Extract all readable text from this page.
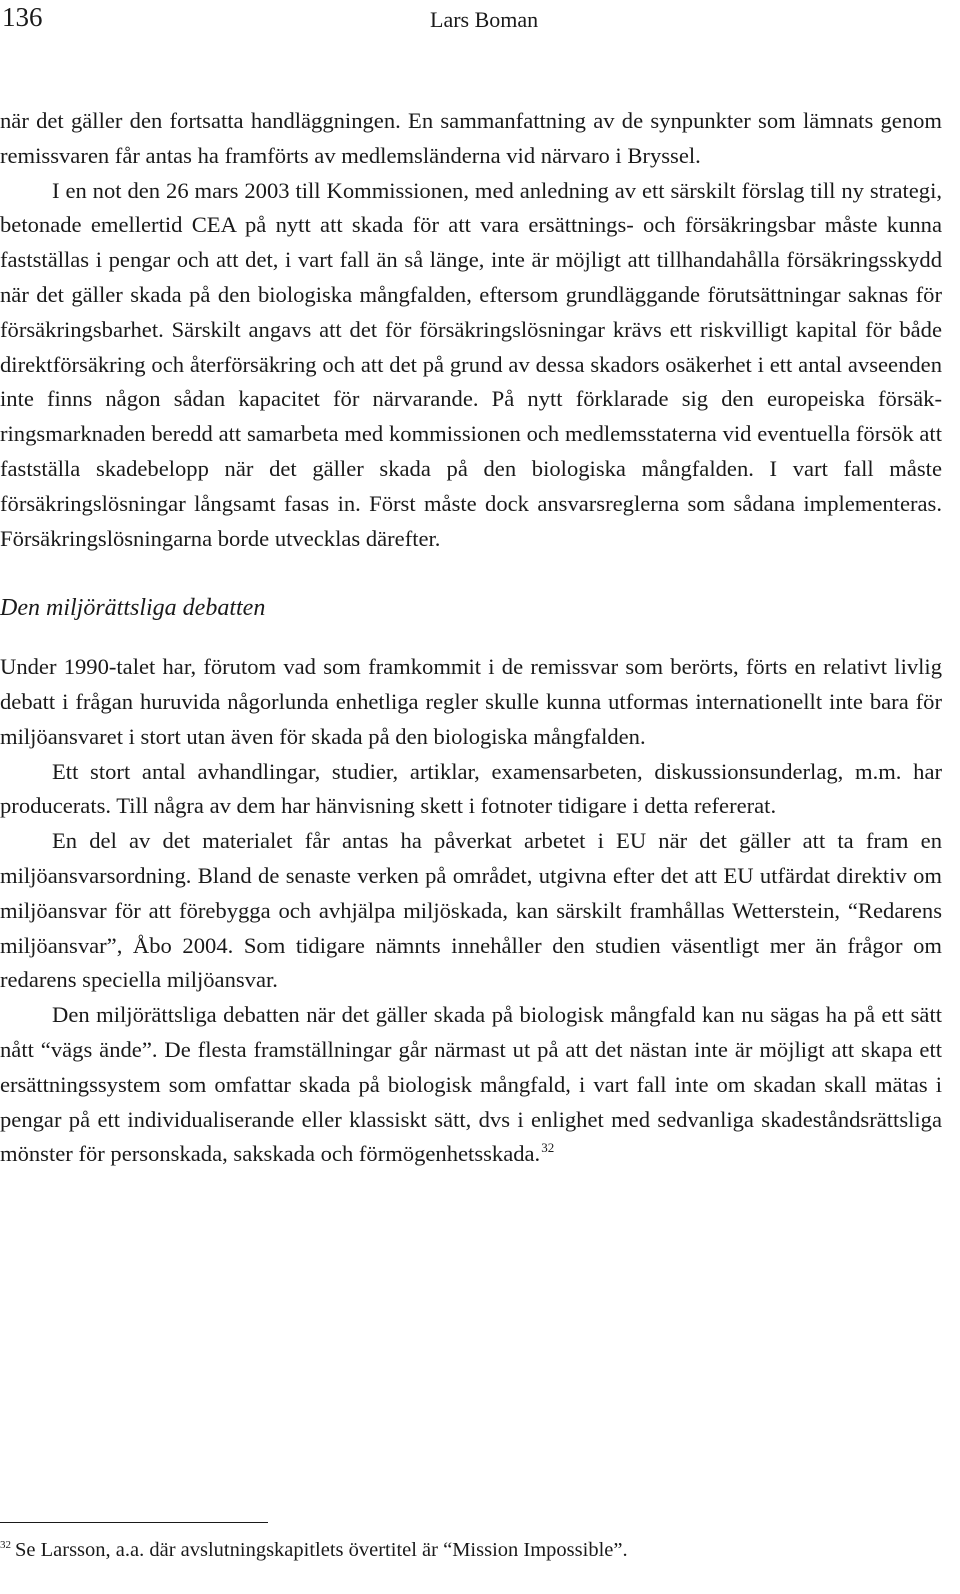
136	Lars Boman

när det gäller den fortsatta handläggningen. En sammanfattning av de synpunkter som lämnats genom remissvaren får antas ha framförts av medlemsländerna vid närvaro i Bryssel.

I en not den 26 mars 2003 till Kommissionen, med anledning av ett särskilt förslag till ny strategi, betonade emellertid CEA på nytt att skada för att vara ersättnings- och försäkringsbar måste kunna fastställas i pengar och att det, i vart fall än så länge, inte är möjligt att tillhandahålla försäkringsskydd när det gäller skada på den biologiska mångfalden, eftersom grundläggande förutsättningar saknas för försäkringsbarhet. Särskilt angavs att det för försäkringslösningar krävs ett riskvilligt kapital för både direktförsäkring och återförsäkring och att det på grund av dessa skadors osäkerhet i ett antal avseenden inte finns någon sådan kapacitet för närvarande. På nytt förklarade sig den europeiska försäkringsmarknaden beredd att samarbeta med kommissionen och medlemsstaterna vid eventuella försök att fastställa skadebelopp när det gäller skada på den biologiska mångfalden. I vart fall måste försäkringslösningar långsamt fasas in. Först måste dock ansvarsreglerna som sådana implementeras. Försäkringslösningarna borde utvecklas därefter.

Den miljörättsliga debatten

Under 1990-talet har, förutom vad som framkommit i de remissvar som berörts, förts en relativt livlig debatt i frågan huruvida någorlunda enhetliga regler skulle kunna utformas internationellt inte bara för miljöansvaret i stort utan även för skada på den biologiska mångfalden.

Ett stort antal avhandlingar, studier, artiklar, examensarbeten, diskussionsunderlag, m.m. har producerats. Till några av dem har hänvisning skett i fotnoter tidigare i detta refererat.

En del av det materialet får antas ha påverkat arbetet i EU när det gäller att ta fram en miljöansvarsordning. Bland de senaste verken på området, utgivna efter det att EU utfärdat direktiv om miljöansvar för att förebygga och avhjälpa miljöskada, kan särskilt framhållas Wetterstein, “Redarens miljöansvar”, Åbo 2004. Som tidigare nämnts innehåller den studien väsentligt mer än frågor om redarens speciella miljöansvar.

Den miljörättsliga debatten när det gäller skada på biologisk mångfald kan nu sägas ha på ett sätt nått “vägs ände”. De flesta framställningar går närmast ut på att det nästan inte är möjligt att skapa ett ersättningssystem som omfattar skada på biologisk mångfald, i vart fall inte om skadan skall mätas i pengar på ett individualiserande eller klassiskt sätt, dvs i enlighet med sedvanliga skadeståndsrättsliga mönster för personskada, sakskada och förmögenhetsskada.$^{32}$

$^{32}$ Se Larsson, a.a. där avslutningskapitlets övertitel är “Mission Impossible”.
